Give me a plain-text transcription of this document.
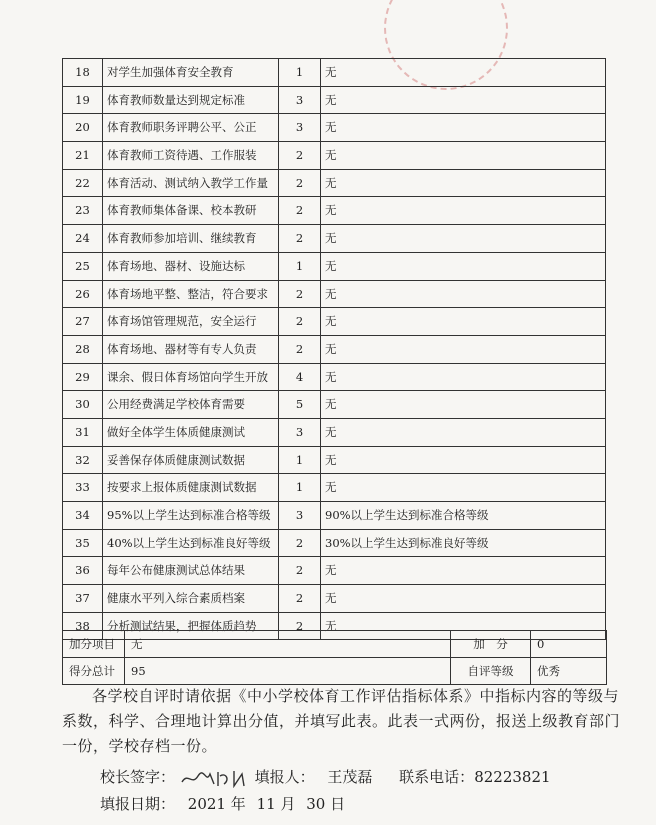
18	对学生加强体育安全教育	1	无
19	体育教师数量达到规定标准	3	无
20	体育教师职务评聘公平、公正	3	无
21	体育教师工资待遇、工作服装	2	无
22	体育活动、测试纳入教学工作量	2	无
23	体育教师集体备课、校本教研	2	无
24	体育教师参加培训、继续教育	2	无
25	体育场地、器材、设施达标	1	无
26	体育场地平整、整洁，符合要求	2	无
27	体育场馆管理规范，安全运行	2	无
28	体育场地、器材等有专人负责	2	无
29	课余、假日体育场馆向学生开放	4	无
30	公用经费满足学校体育需要	5	无
31	做好全体学生体质健康测试	3	无
32	妥善保存体质健康测试数据	1	无
33	按要求上报体质健康测试数据	1	无
34	95%以上学生达到标准合格等级	3	90%以上学生达到标准合格等级
35	40%以上学生达到标准良好等级	2	30%以上学生达到标准良好等级
36	每年公布健康测试总体结果	2	无
37	健康水平列入综合素质档案	2	无
38	分析测试结果，把握体质趋势	2	无
加分项目	无	加　分	0
得分总计	95	自评等级	优秀
各学校自评时请依据《中小学校体育工作评估指标体系》中指标内容的等级与系数，科学、合理地计算出分值，并填写此表。此表一式两份，报送上级教育部门一份，学校存档一份。
校长签字：	填报人： 王茂磊 联系电话：82223821
填报日期： 2021 年 11 月 30 日
